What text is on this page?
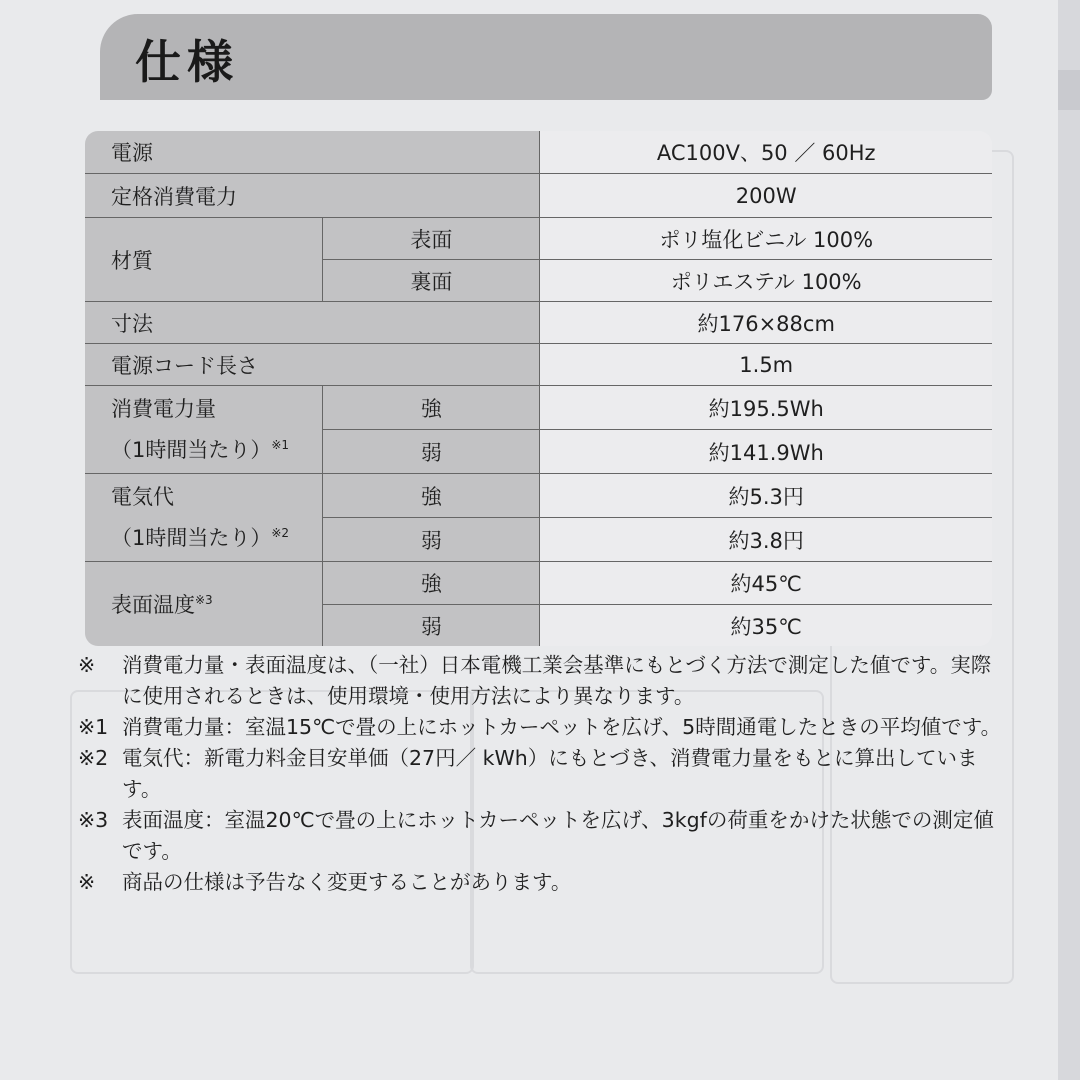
仕様
電源		AC100V、50 ／ 60Hz
定格消費電力		200W
材質	表面	ポリ塩化ビニル 100%
	裏面	ポリエステル 100%
寸法		約176×88cm
電源コード長さ		1.5m

消費電力量
（1時間当たり）$^{※1}$	強	約195.5Wh
	弱	約141.9Wh

電気代
（1時間当たり）$^{※2}$	強	約5.3円
	弱	約3.8円
表面温度$^{※3}$	強	約45℃
	弱	約35℃
※	消費電力量・表面温度は、（一社）日本電機工業会基準にもとづく方法で測定した値です。実際に使用されるときは、使用環境・使用方法により異なります。
※1 消費電力量：室温15℃で畳の上にホットカーペットを広げ、5時間通電したときの平均値です。
※2 電気代：新電力料金目安単価（27円／ kWh）にもとづき、消費電力量をもとに算出しています。
※3 表面温度：室温20℃で畳の上にホットカーペットを広げ、3kgfの荷重をかけた状態での測定値です。
※	商品の仕様は予告なく変更することがあります。
